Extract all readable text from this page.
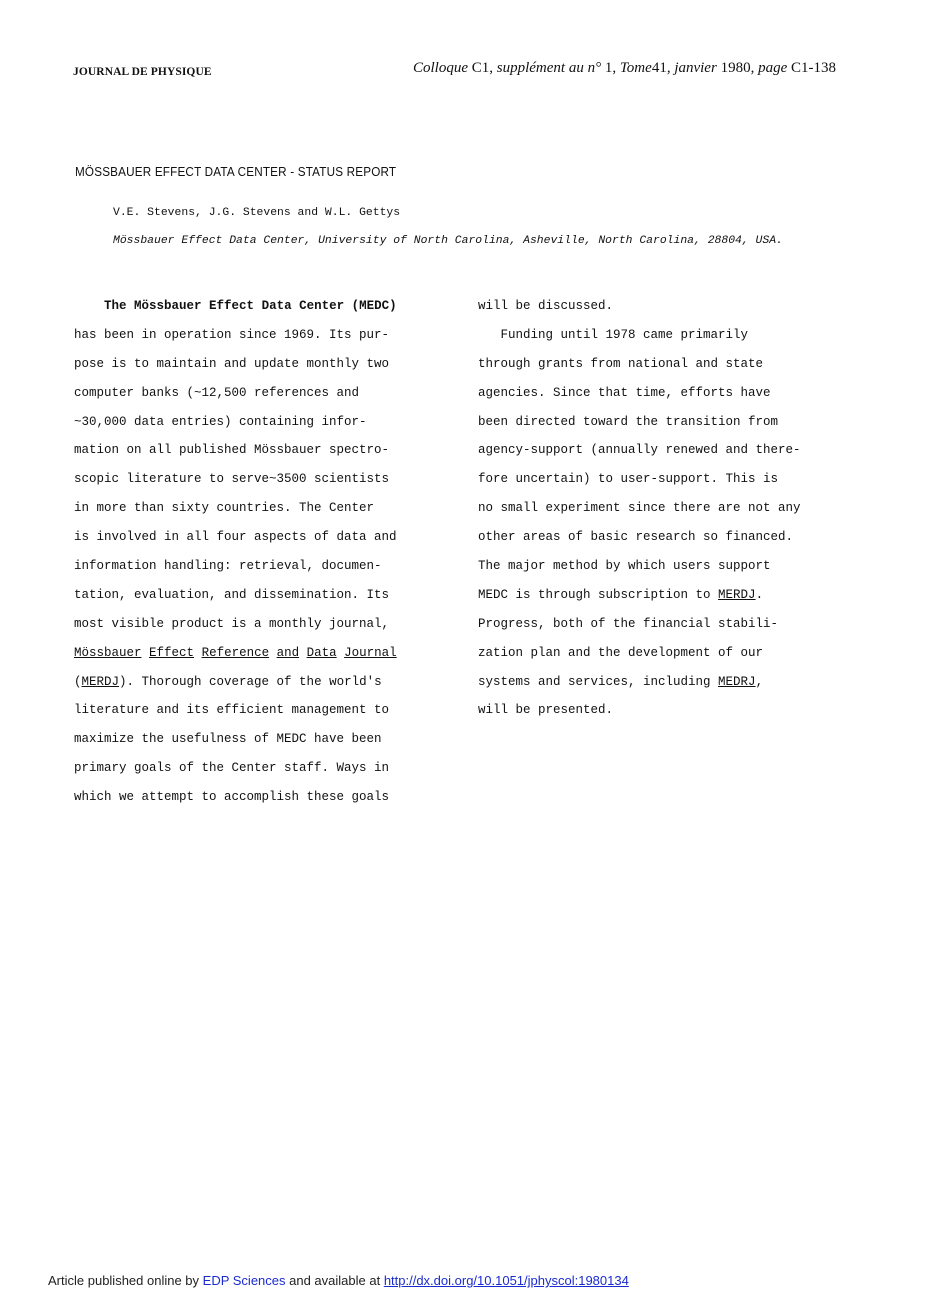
JOURNAL DE PHYSIQUE	Colloque C1, supplément au n° 1, Tome41, janvier 1980, page C1-138
MÖSSBAUER EFFECT DATA CENTER - STATUS REPORT
V.E. Stevens, J.G. Stevens and W.L. Gettys
Mössbauer Effect Data Center, University of North Carolina, Asheville, North Carolina, 28804, USA.
The Mössbauer Effect Data Center (MEDC)
has been in operation since 1969. Its pur-
pose is to maintain and update monthly two
computer banks (~12,500 references and
~30,000 data entries) containing infor-
mation on all published Mössbauer spectro-
scopic literature to serve~3500 scientists
in more than sixty countries. The Center
is involved in all four aspects of data and
information handling: retrieval, documen-
tation, evaluation, and dissemination. Its
most visible product is a monthly journal,
Mössbauer Effect Reference and Data Journal
(MERDJ). Thorough coverage of the world's
literature and its efficient management to
maximize the usefulness of MEDC have been
primary goals of the Center staff. Ways in
which we attempt to accomplish these goals
will be discussed.
Funding until 1978 came primarily
through grants from national and state
agencies. Since that time, efforts have
been directed toward the transition from
agency-support (annually renewed and there-
fore uncertain) to user-support. This is
no small experiment since there are not any
other areas of basic research so financed.
The major method by which users support
MEDC is through subscription to MERDJ.
Progress, both of the financial stabili-
zation plan and the development of our
systems and services, including MEDRJ,
will be presented.
Article published online by EDP Sciences and available at http://dx.doi.org/10.1051/jphyscol:1980134
